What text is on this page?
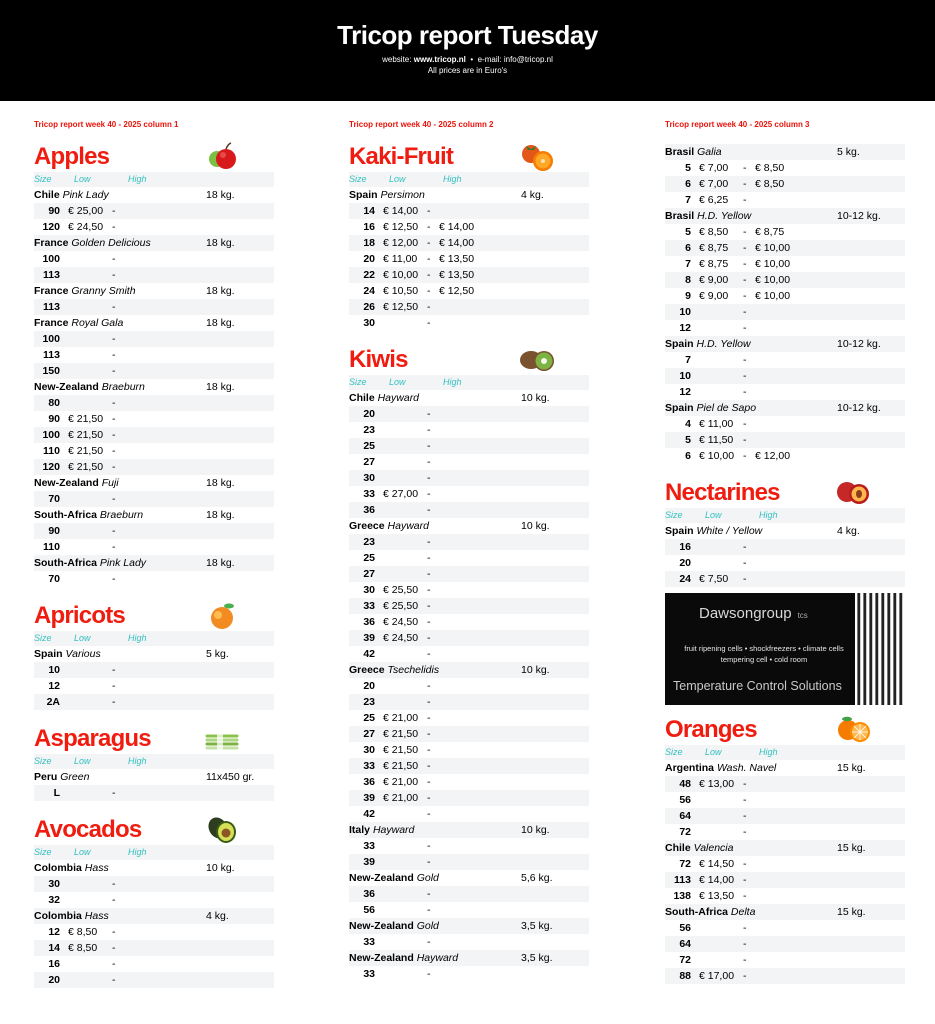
Tricop report Tuesday
website: www.tricop.nl • e-mail: info@tricop.nl
All prices are in Euro's
Tricop report week 40 - 2025 column 1
Apples
Size Low	High
Chile Pink Lady	18 kg.
90 € 25,00 -
120 € 24,50 -
France Golden Delicious	18 kg.
100	-
113	-
France Granny Smith	18 kg.
113	-
France Royal Gala	18 kg.
100	-
113	-
150	-
New-Zealand Braeburn	18 kg.
80	-
90 € 21,50 -
100 € 21,50 -
110 € 21,50 -
120 € 21,50 -
New-Zealand Fuji	18 kg.
70	-
South-Africa Braeburn	18 kg.
90	-
110	-
South-Africa Pink Lady	18 kg.
70	-
Apricots
Size Low	High
Spain Various	5 kg.
10	-
12	-
2A	-
Asparagus
Size Low	High
Peru Green	11x450 gr.
L	-
Avocados
Size Low	High
Colombia Hass	10 kg.
30	-
32	-
Colombia Hass	4 kg.
12 € 8,50 -
14 € 8,50 -
16	-
20	-
Tricop report week 40 - 2025 column 2
Kaki-Fruit
Size Low	High
Spain Persimon	4 kg.
14 € 14,00 -
16 € 12,50 - € 14,00
18 € 12,00 - € 14,00
20 € 11,00 - € 13,50
22 € 10,00 - € 13,50
24 € 10,50 - € 12,50
26 € 12,50 -
30	-
Kiwis
Size Low	High
Chile Hayward	10 kg.
20	-
23	-
25	-
27	-
30	-
33 € 27,00 -
36	-
Greece Hayward	10 kg.
23	-
25	-
27	-
30 € 25,50 -
33 € 25,50 -
36 € 24,50 -
39 € 24,50 -
42	-
Greece Tsechelidis	10 kg.
20	-
23	-
25 € 21,00 -
27 € 21,50 -
30 € 21,50 -
33 € 21,50 -
36 € 21,00 -
39 € 21,00 -
42	-
Italy Hayward	10 kg.
33	-
39	-
New-Zealand Gold	5,6 kg.
36	-
56	-
New-Zealand Gold	3,5 kg.
33	-
New-Zealand Hayward	3,5 kg.
33	-
Tricop report week 40 - 2025 column 3
Brasil Galia	5 kg.
5 € 7,00 - € 8,50
6 € 7,00 - € 8,50
7 € 6,25 -
Brasil H.D. Yellow	10-12 kg.
5 € 8,50 - € 8,75
6 € 8,75 - € 10,00
7 € 8,75 - € 10,00
8 € 9,00 - € 10,00
9 € 9,00 - € 10,00
10	-
12	-
Spain H.D. Yellow	10-12 kg.
7	-
10	-
12	-
Spain Piel de Sapo	10-12 kg.
4 € 11,00 -
5 € 11,50 -
6 € 10,00 - € 12,00
Nectarines
Size Low	High
Spain White / Yellow	4 kg.
16	-
20	-
24 € 7,50 -
Dawsongroup tcs
fruit ripening cells • shockfreezers • climate cells tempering cell • cold room
Temperature Control Solutions
Oranges
Size Low	High
Argentina Wash. Navel	15 kg.
48 € 13,00 -
56	-
64	-
72	-
Chile Valencia	15 kg.
72 € 14,50 -
113 € 14,00 -
138 € 13,50 -
South-Africa Delta	15 kg.
56	-
64	-
72	-
88 € 17,00 -
